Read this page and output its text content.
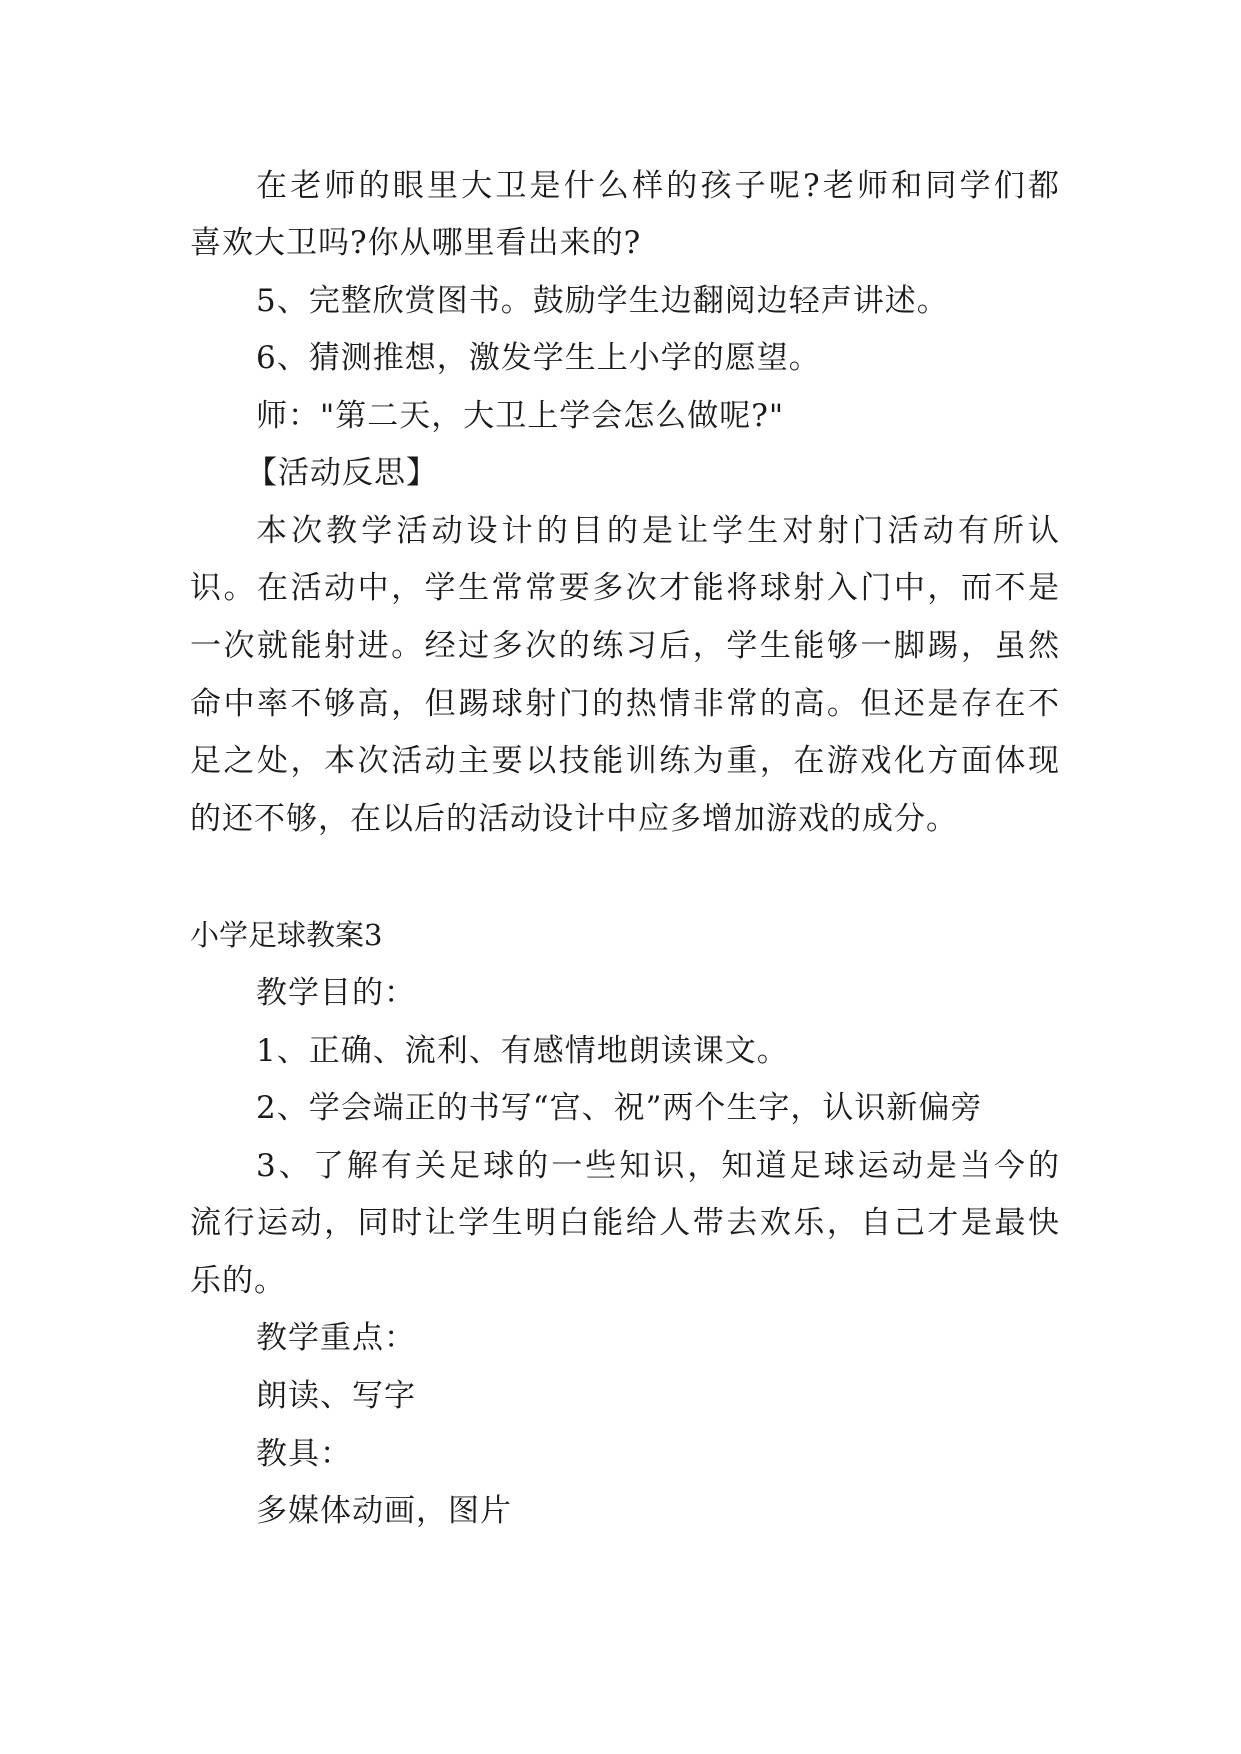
在老师的眼里大卫是什么样的孩子呢?老师和同学们都
喜欢大卫吗?你从哪里看出来的?
5、完整欣赏图书。鼓励学生边翻阅边轻声讲述。
6、猜测推想，激发学生上小学的愿望。
师："第二天，大卫上学会怎么做呢?"
【活动反思】
本次教学活动设计的目的是让学生对射门活动有所认
识。在活动中，学生常常要多次才能将球射入门中，而不是
一次就能射进。经过多次的练习后，学生能够一脚踢，虽然
命中率不够高，但踢球射门的热情非常的高。但还是存在不
足之处，本次活动主要以技能训练为重，在游戏化方面体现
的还不够，在以后的活动设计中应多增加游戏的成分。
小学足球教案3
教学目的：
1、正确、流利、有感情地朗读课文。
2、学会端正的书写“宫、祝”两个生字，认识新偏旁
3、了解有关足球的一些知识，知道足球运动是当今的
流行运动，同时让学生明白能给人带去欢乐，自己才是最快
乐的。
教学重点：
朗读、写字
教具：
多媒体动画，图片
